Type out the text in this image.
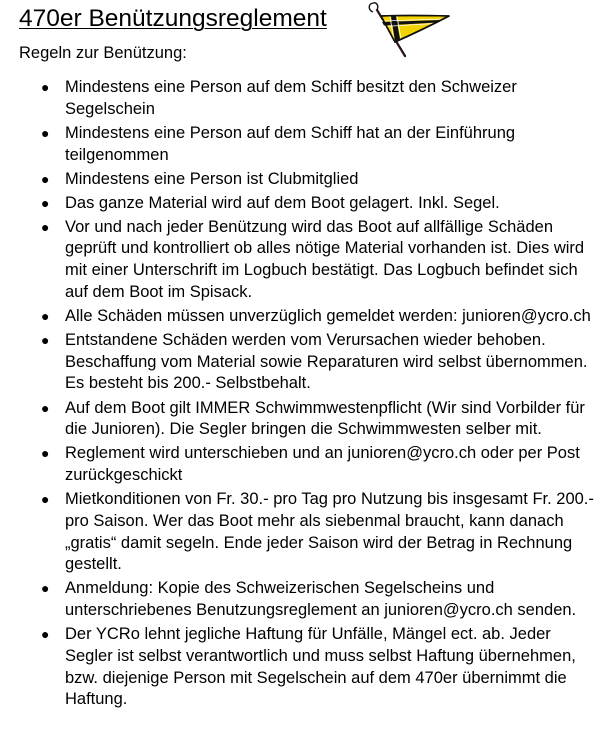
470er Benützungsreglement
Regeln zur Benützung:
● Mindestens eine Person auf dem Schiff besitzt den Schweizer Segelschein
● Mindestens eine Person auf dem Schiff hat an der Einführung teilgenommen
● Mindestens eine Person ist Clubmitglied
● Das ganze Material wird auf dem Boot gelagert. Inkl. Segel.
● Vor und nach jeder Benützung wird das Boot auf allfällige Schäden geprüft und kontrolliert ob alles nötige Material vorhanden ist. Dies wird mit einer Unterschrift im Logbuch bestätigt. Das Logbuch befindet sich auf dem Boot im Spisack.
● Alle Schäden müssen unverzüglich gemeldet werden: junioren@ycro.ch
● Entstandene Schäden werden vom Verursachen wieder behoben. Beschaffung vom Material sowie Reparaturen wird selbst übernommen. Es besteht bis 200.- Selbstbehalt.
● Auf dem Boot gilt IMMER Schwimmwestenpflicht (Wir sind Vorbilder für die Junioren). Die Segler bringen die Schwimmwesten selber mit.
● Reglement wird unterschieben und an junioren@ycro.ch oder per Post zurückgeschickt
● Mietkonditionen von Fr. 30.- pro Tag pro Nutzung bis insgesamt Fr. 200.- pro Saison. Wer das Boot mehr als siebenmal braucht, kann danach „gratis“ damit segeln. Ende jeder Saison wird der Betrag in Rechnung gestellt.
● Anmeldung: Kopie des Schweizerischen Segelscheins und unterschriebenes Benutzungsreglement an junioren@ycro.ch senden.
● Der YCRo lehnt jegliche Haftung für Unfälle, Mängel ect. ab. Jeder Segler ist selbst verantwortlich und muss selbst Haftung übernehmen, bzw. diejenige Person mit Segelschein auf dem 470er übernimmt die Haftung.
